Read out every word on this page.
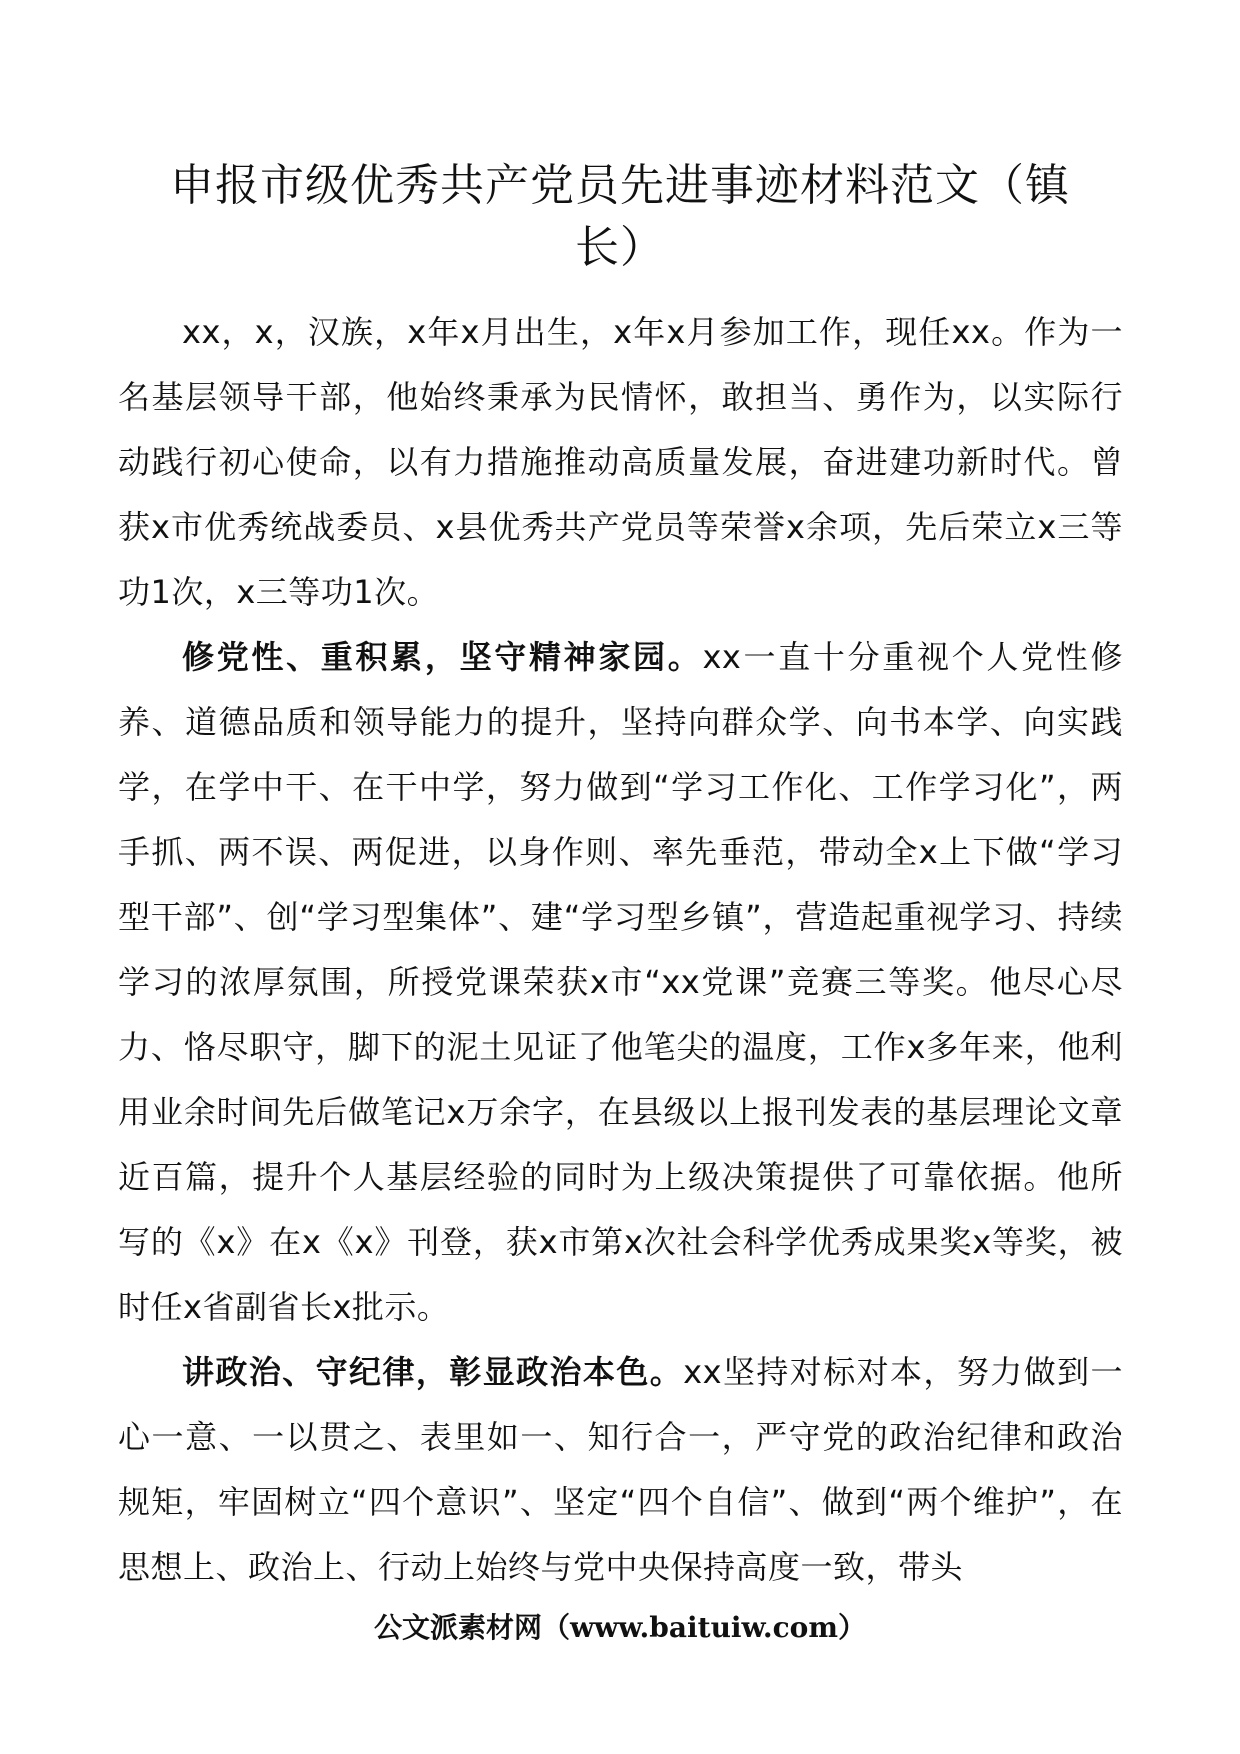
申报市级优秀共产党员先进事迹材料范文（镇长）

xx，x，汉族，x年x月出生，x年x月参加工作，现任xx。作为一名基层领导干部，他始终秉承为民情怀，敢担当、勇作为，以实际行动践行初心使命，以有力措施推动高质量发展，奋进建功新时代。曾获x市优秀统战委员、x县优秀共产党员等荣誉x余项，先后荣立x三等功1次，x三等功1次。

修党性、重积累，坚守精神家园。xx一直十分重视个人党性修养、道德品质和领导能力的提升，坚持向群众学、向书本学、向实践学，在学中干、在干中学，努力做到“学习工作化、工作学习化”，两手抓、两不误、两促进，以身作则、率先垂范，带动全x上下做“学习型干部”、创“学习型集体”、建“学习型乡镇”，营造起重视学习、持续学习的浓厚氛围，所授党课荣获x市“xx党课”竞赛三等奖。他尽心尽力、恪尽职守，脚下的泥土见证了他笔尖的温度，工作x多年来，他利用业余时间先后做笔记x万余字，在县级以上报刊发表的基层理论文章近百篇，提升个人基层经验的同时为上级决策提供了可靠依据。他所写的《x》在x《x》刊登，获x市第x次社会科学优秀成果奖x等奖，被时任x省副省长x批示。

讲政治、守纪律，彰显政治本色。xx坚持对标对本，努力做到一心一意、一以贯之、表里如一、知行合一，严守党的政治纪律和政治规矩，牢固树立“四个意识”、坚定“四个自信”、做到“两个维护”，在思想上、政治上、行动上始终与党中央保持高度一致，带头

公文派素材网（www.baituiw.com）
